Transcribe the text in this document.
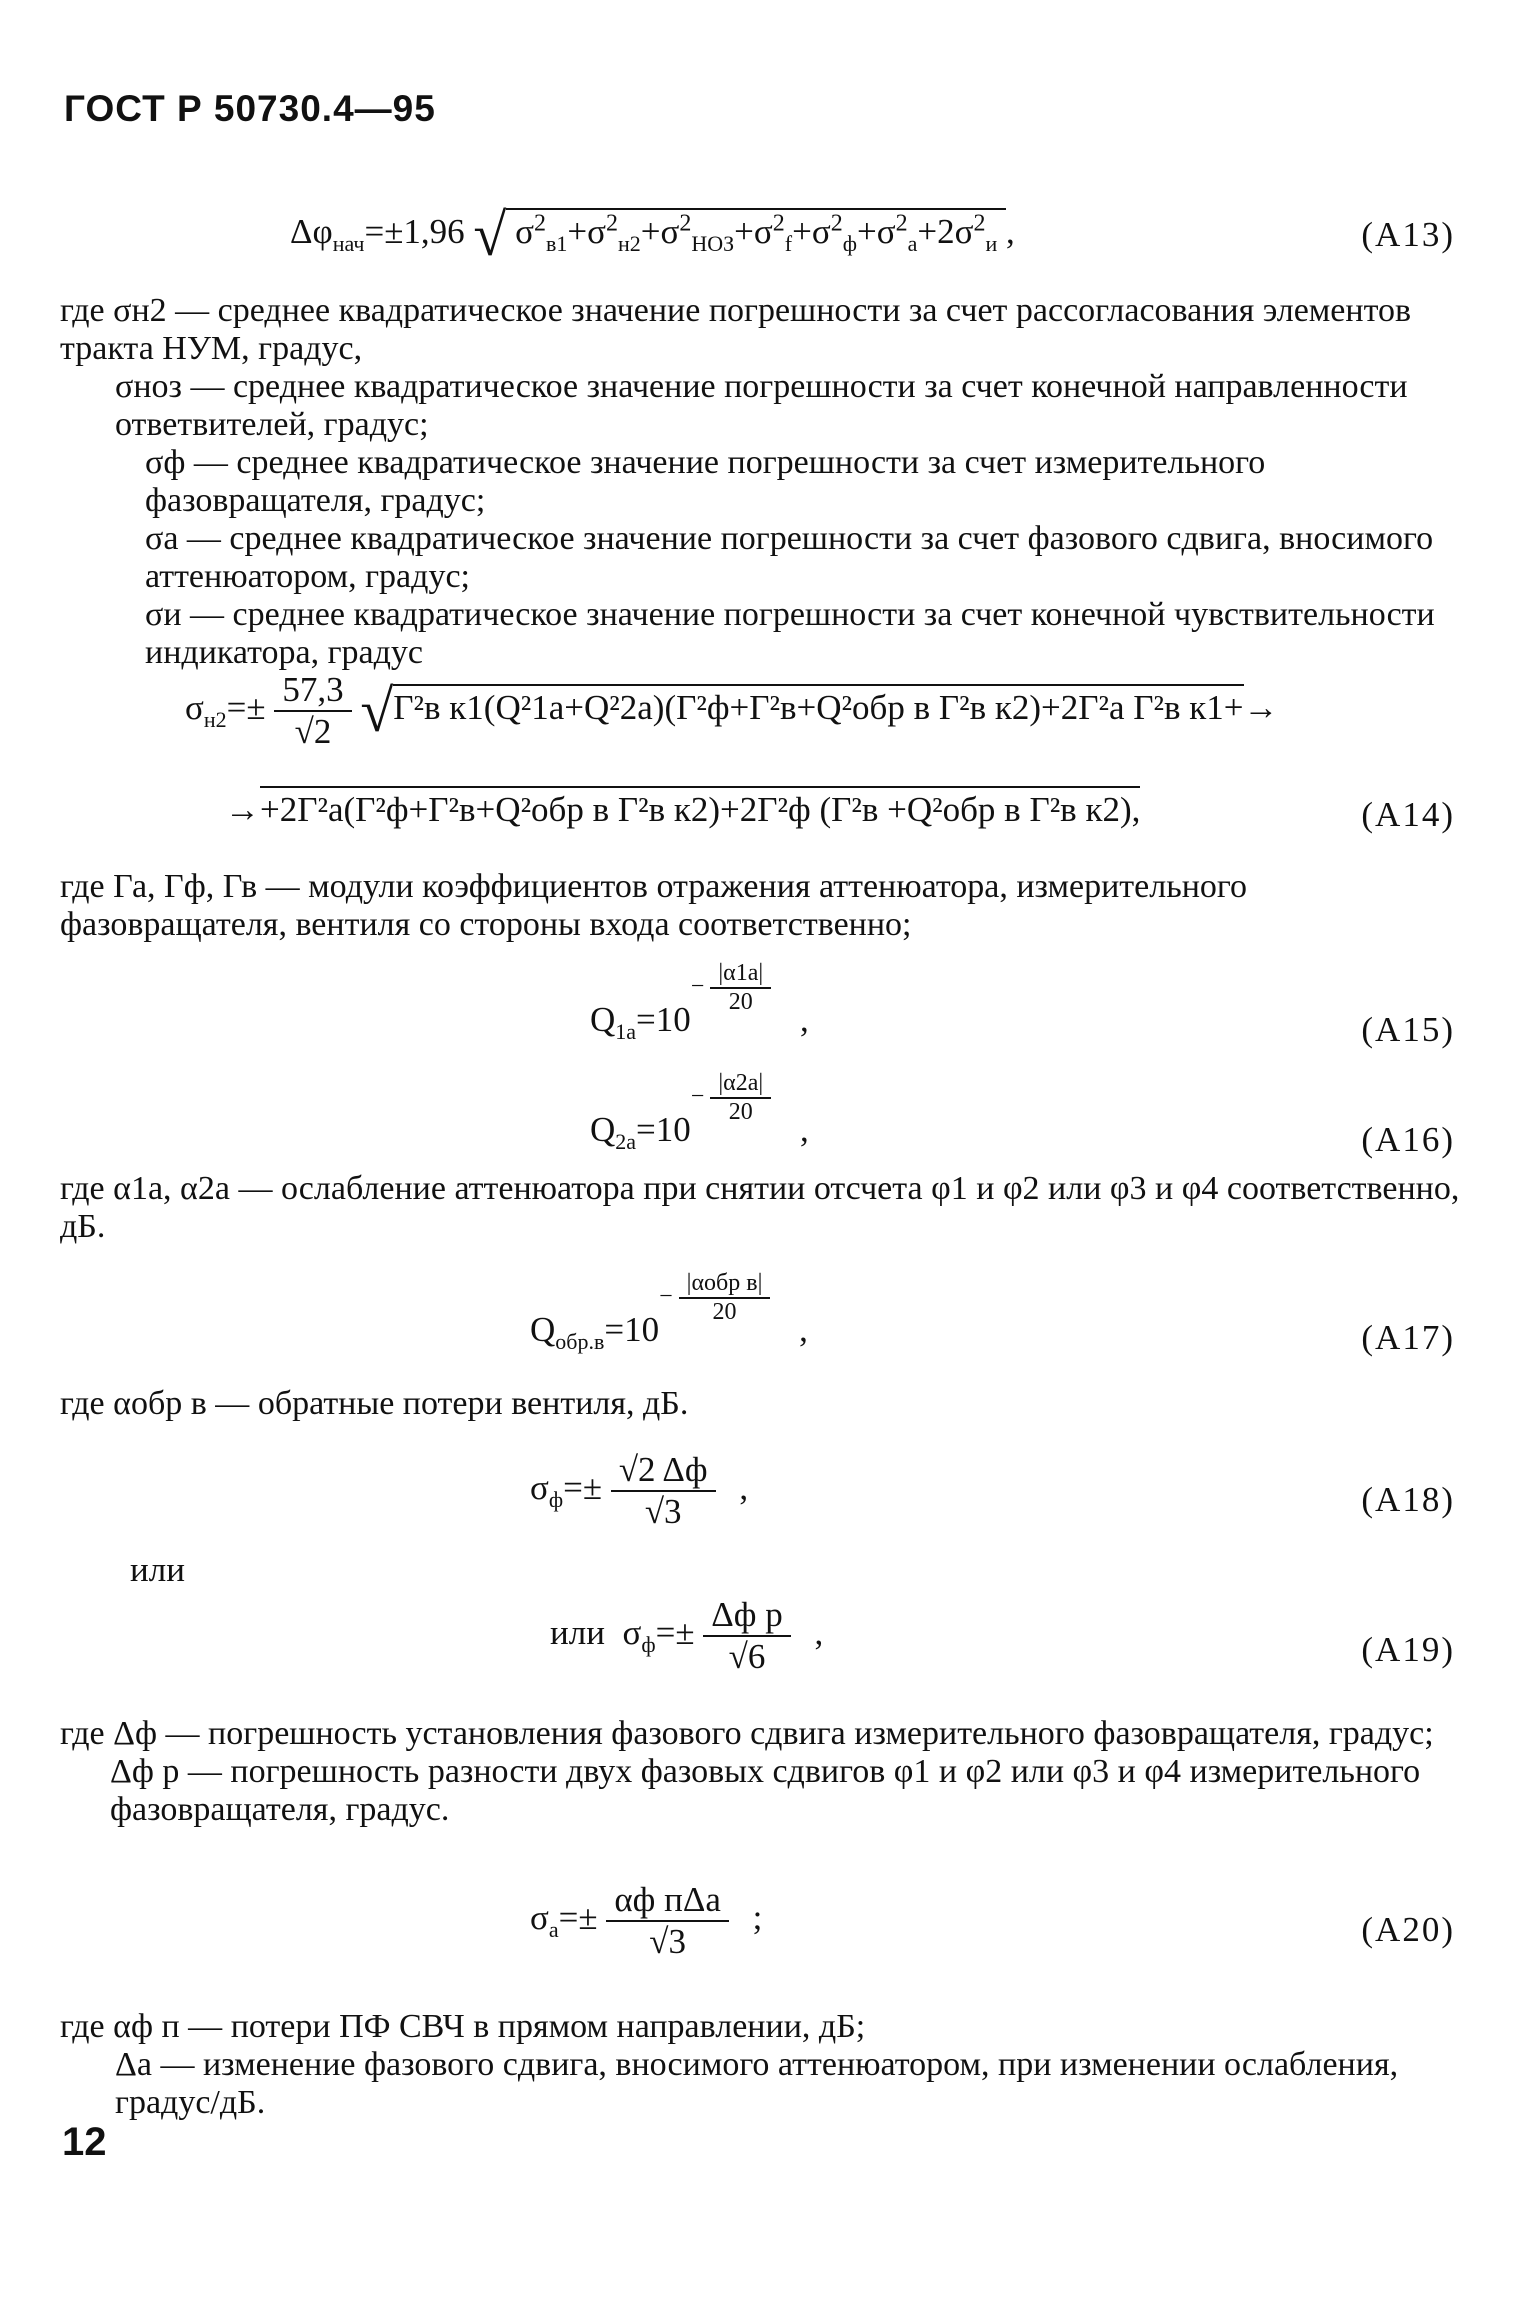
ГОСТ Р 50730.4—95
$\Delta\varphi_{нач}=\pm 1,96$ √ $\sigma^2_{в1}+\sigma^2_{н2}+\sigma^2_{НОЗ}+\sigma^2_f+\sigma^2_ф+\sigma^2_а+2\sigma^2_и$ ,	(A13)
где σн2 — среднее квадратическое значение погрешности за счет рассогласования элементов тракта НУМ, градус,
σноз — среднее квадратическое значение погрешности за счет конечной направленности ответвителей, градус;
σф — среднее квадратическое значение погрешности за счет измерительного фазовращателя, градус;
σа — среднее квадратическое значение погрешности за счет фазового сдвига, вносимого аттенюатором, градус;
σи — среднее квадратическое значение погрешности за счет конечной чувствительности индикатора, градус
$\sigma_{н2}=\pm \frac{57,3}{√2} √Г^2в$ к1(Q²1а+Q²2а)(Г²ф+Г²в+Q²обр в Г²в к2)+2Г²а Г²в к1+→
→+2Г²а(Г²ф+Г²в+Q²обр в Г²в к2)+2Г²ф (Г²в +Q²обр в Г²в к2),	(A14)
где Га, Гф, Гв — модули коэффициентов отражения аттенюатора, измерительного фазовращателя, вентиля со стороны входа соответственно;
$Q_{1а}=10- \frac{|\alpha 1а|}{20}$
,	(A15)
$Q_{2а}=10- \frac{|\alpha 2а|}{20}$
,	(A16)
где α1а, α2а — ослабление аттенюатора при снятии отсчета φ1 и φ2 или φ3 и φ4 соответственно, дБ.
$Q_{обр.в}=10- \frac{\text{|αобр в|}}{20}$
,	(A17)
где αобр в — обратные потери вентиля, дБ.
$\sigma_ф=\pm \frac{√2 \Delta ф}{√3}$ ,	(A18)
или
или $\sigma_ф=\pm \frac{\text{Δф р}}{√6}$ ,	(A19)
где Δф — погрешность установления фазового сдвига измерительного фазовращателя, градус;
Δф р — погрешность разности двух фазовых сдвигов φ1 и φ2 или φ3 и φ4 измерительного фазовращателя, градус.
$\sigma_а=\pm \frac{\text{αф пΔа}}{√3}$ ;	(A20)
где αф п — потери ПФ СВЧ в прямом направлении, дБ;
Δа — изменение фазового сдвига, вносимого аттенюатором, при изменении ослабления, градус/дБ.
12
